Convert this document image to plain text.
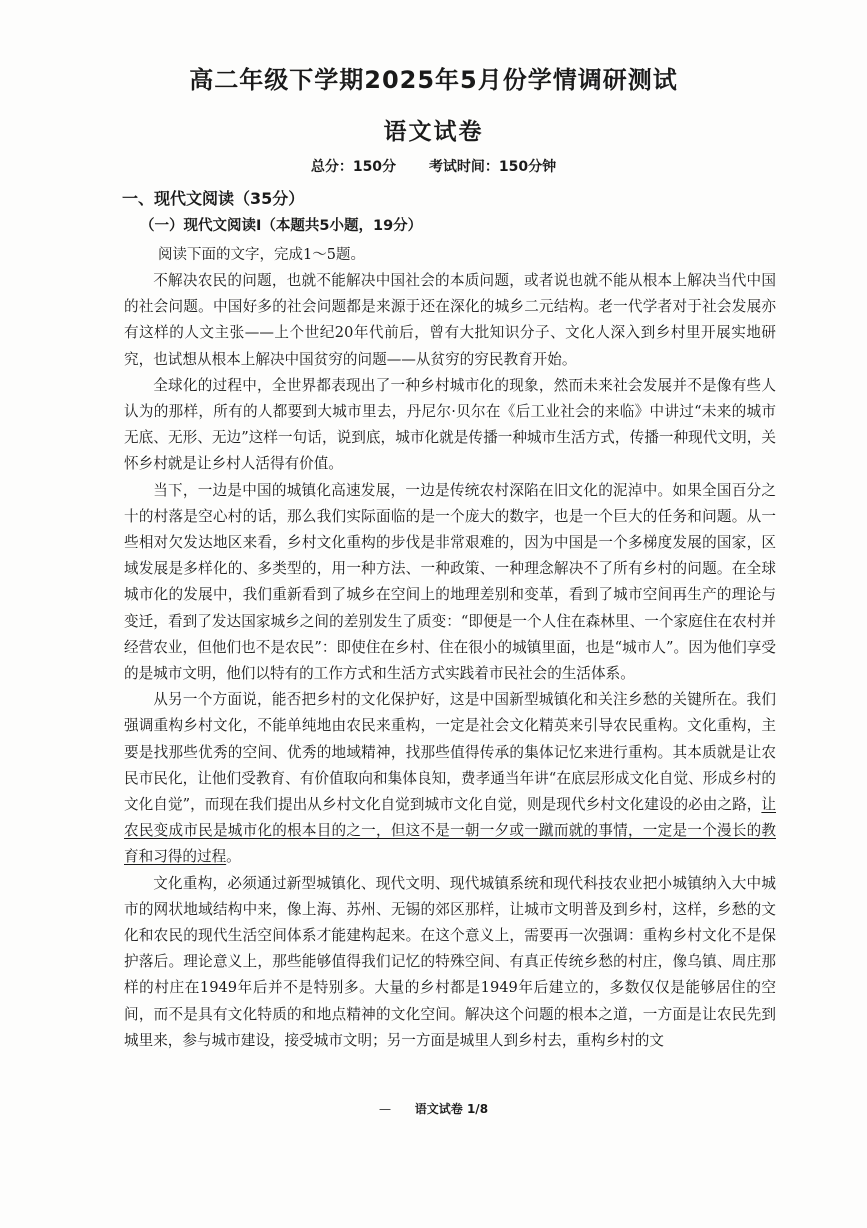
高二年级下学期2025年5月份学情调研测试
语文试卷
总分：150分 考试时间：150分钟
一、现代文阅读（35分）
（一）现代文阅读Ⅰ（本题共5小题，19分）
阅读下面的文字，完成1～5题。

不解决农民的问题，也就不能解决中国社会的本质问题，或者说也就不能从根本上解决当代中国的社会问题。中国好多的社会问题都是来源于还在深化的城乡二元结构。老一代学者对于社会发展亦有这样的人文主张——上个世纪20年代前后，曾有大批知识分子、文化人深入到乡村里开展实地研究，也试想从根本上解决中国贫穷的问题——从贫穷的穷民教育开始。

全球化的过程中，全世界都表现出了一种乡村城市化的现象，然而未来社会发展并不是像有些人认为的那样，所有的人都要到大城市里去，丹尼尔·贝尔在《后工业社会的来临》中讲过“未来的城市无底、无形、无边”这样一句话，说到底，城市化就是传播一种城市生活方式，传播一种现代文明，关怀乡村就是让乡村人活得有价值。

当下，一边是中国的城镇化高速发展，一边是传统农村深陷在旧文化的泥淖中。如果全国百分之十的村落是空心村的话，那么我们实际面临的是一个庞大的数字，也是一个巨大的任务和问题。从一些相对欠发达地区来看，乡村文化重构的步伐是非常艰难的，因为中国是一个多梯度发展的国家，区域发展是多样化的、多类型的，用一种方法、一种政策、一种理念解决不了所有乡村的问题。在全球城市化的发展中，我们重新看到了城乡在空间上的地理差别和变革，看到了城市空间再生产的理论与变迁，看到了发达国家城乡之间的差别发生了质变：“即便是一个人住在森林里、一个家庭住在农村并经营农业，但他们也不是农民”：即使住在乡村、住在很小的城镇里面，也是“城市人”。因为他们享受的是城市文明，他们以特有的工作方式和生活方式实践着市民社会的生活体系。

从另一个方面说，能否把乡村的文化保护好，这是中国新型城镇化和关注乡愁的关键所在。我们强调重构乡村文化，不能单纯地由农民来重构，一定是社会文化精英来引导农民重构。文化重构，主要是找那些优秀的空间、优秀的地域精神，找那些值得传承的集体记忆来进行重构。其本质就是让农民市民化，让他们受教育、有价值取向和集体良知，费孝通当年讲“在底层形成文化自觉、形成乡村的文化自觉”，而现在我们提出从乡村文化自觉到城市文化自觉，则是现代乡村文化建设的必由之路，让农民变成市民是城市化的根本目的之一，但这不是一朝一夕或一蹴而就的事情，一定是一个漫长的教育和习得的过程。

文化重构，必须通过新型城镇化、现代文明、现代城镇系统和现代科技农业把小城镇纳入大中城市的网状地域结构中来，像上海、苏州、无锡的郊区那样，让城市文明普及到乡村，这样，乡愁的文化和农民的现代生活空间体系才能建构起来。在这个意义上，需要再一次强调：重构乡村文化不是保护落后。理论意义上，那些能够值得我们记忆的特殊空间、有真正传统乡愁的村庄，像乌镇、周庄那样的村庄在1949年后并不是特别多。大量的乡村都是1949年后建立的，多数仅仅是能够居住的空间，而不是具有文化特质的和地点精神的文化空间。解决这个问题的根本之道，一方面是让农民先到城里来，参与城市建设，接受城市文明；另一方面是城里人到乡村去，重构乡村的文

— 语文试卷 1/8
